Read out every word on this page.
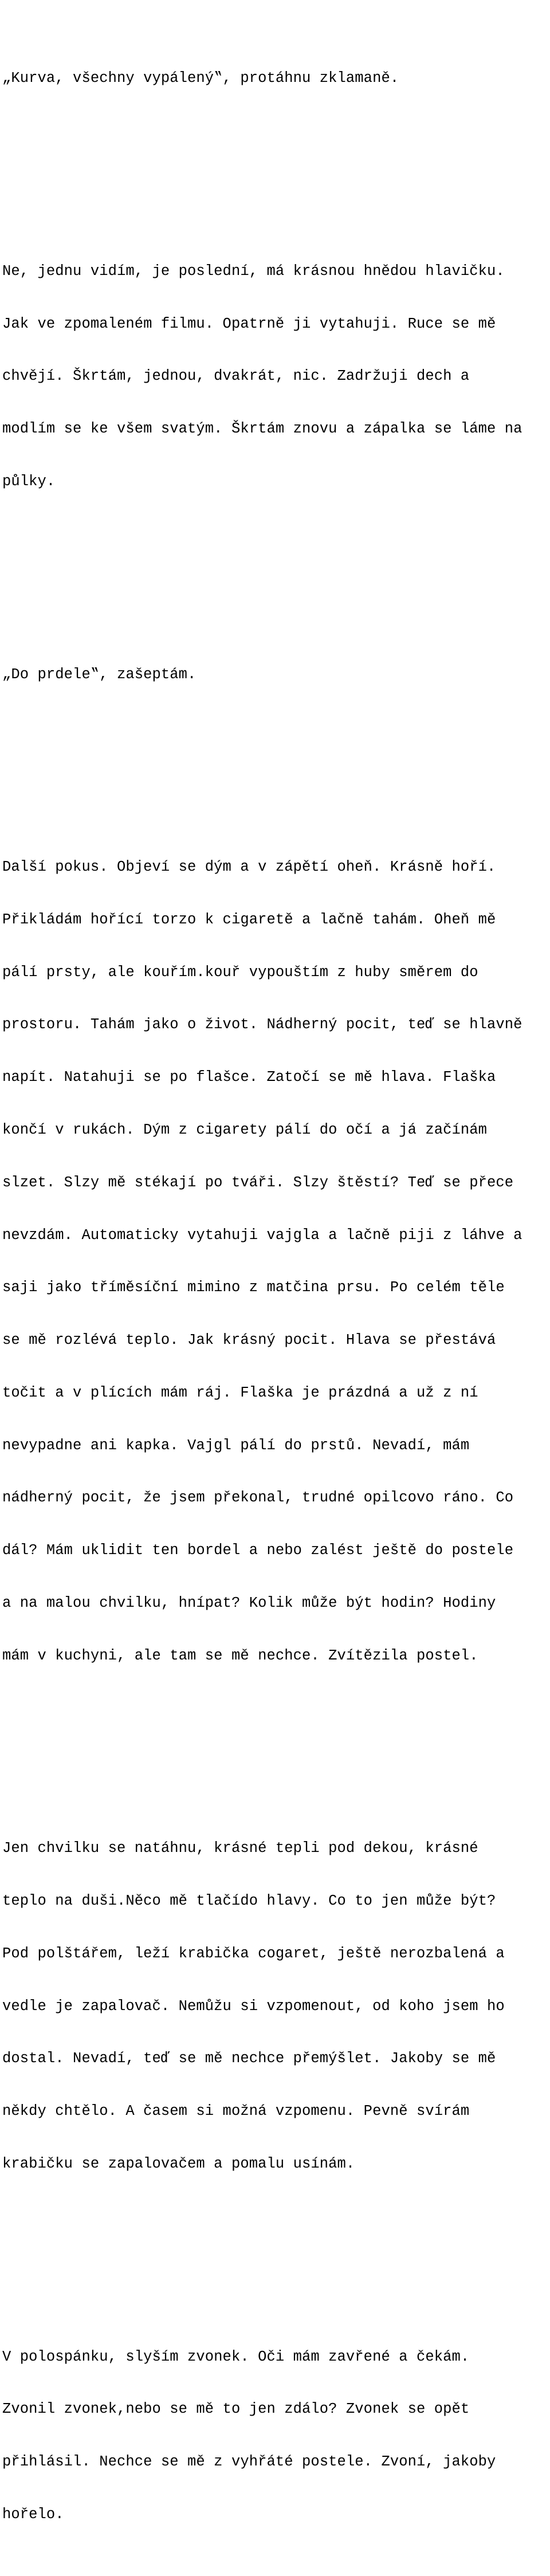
„Kurva, všechny vypálený‟, protáhnu zklamaně.

Ne, jednu vidím, je poslední, má krásnou hnědou hlavičku.

Jak ve zpomaleném filmu. Opatrně ji vytahuji. Ruce se mě

chvějí. Škrtám, jednou, dvakrát, nic. Zadržuji dech a

modlím se ke všem svatým. Škrtám znovu a zápalka se láme na

půlky.

„Do prdele‟, zašeptám.

Další pokus. Objeví se dým a v zápětí oheň. Krásně hoří.

Přikládám hořící torzo k cigaretě a lačně tahám. Oheň mě

pálí prsty, ale kouřím.kouř vypouštím z huby směrem do

prostoru. Tahám jako o život. Nádherný pocit, teď se hlavně

napít. Natahuji se po flašce. Zatočí se mě hlava. Flaška

končí v rukách. Dým z cigarety pálí do očí a já začínám

slzet. Slzy mě stékají po tváři. Slzy štěstí? Teď se přece

nevzdám. Automaticky vytahuji vajgla a lačně piji z láhve a

saji jako tříměsíční mimino z matčina prsu. Po celém těle

se mě rozlévá teplo. Jak krásný pocit. Hlava se přestává

točit a v plících mám ráj. Flaška je prázdná a už z ní

nevypadne ani kapka. Vajgl pálí do prstů. Nevadí, mám

nádherný pocit, že jsem překonal, trudné opilcovo ráno. Co

dál? Mám uklidit ten bordel a nebo zalést ještě do postele

a na malou chvilku, hnípat? Kolik může být hodin? Hodiny

mám v kuchyni, ale tam se mě nechce. Zvítězila postel.

Jen chvilku se natáhnu, krásné tepli pod dekou, krásné

teplo na duši.Něco mě tlačído hlavy. Co to jen může být?

Pod polštářem, leží krabička cogaret, ještě nerozbalená a

vedle je zapalovač. Nemůžu si vzpomenout, od koho jsem ho

dostal. Nevadí, teď se mě nechce přemýšlet. Jakoby se mě

někdy chtělo. A časem si možná vzpomenu. Pevně svírám

krabičku se zapalovačem a pomalu usínám.

V polospánku, slyším zvonek. Oči mám zavřené a čekám.

Zvonil zvonek,nebo se mě to jen zdálo? Zvonek se opět

přihlásil. Nechce se mě z vyhřáté postele. Zvoní, jakoby

hořelo.
